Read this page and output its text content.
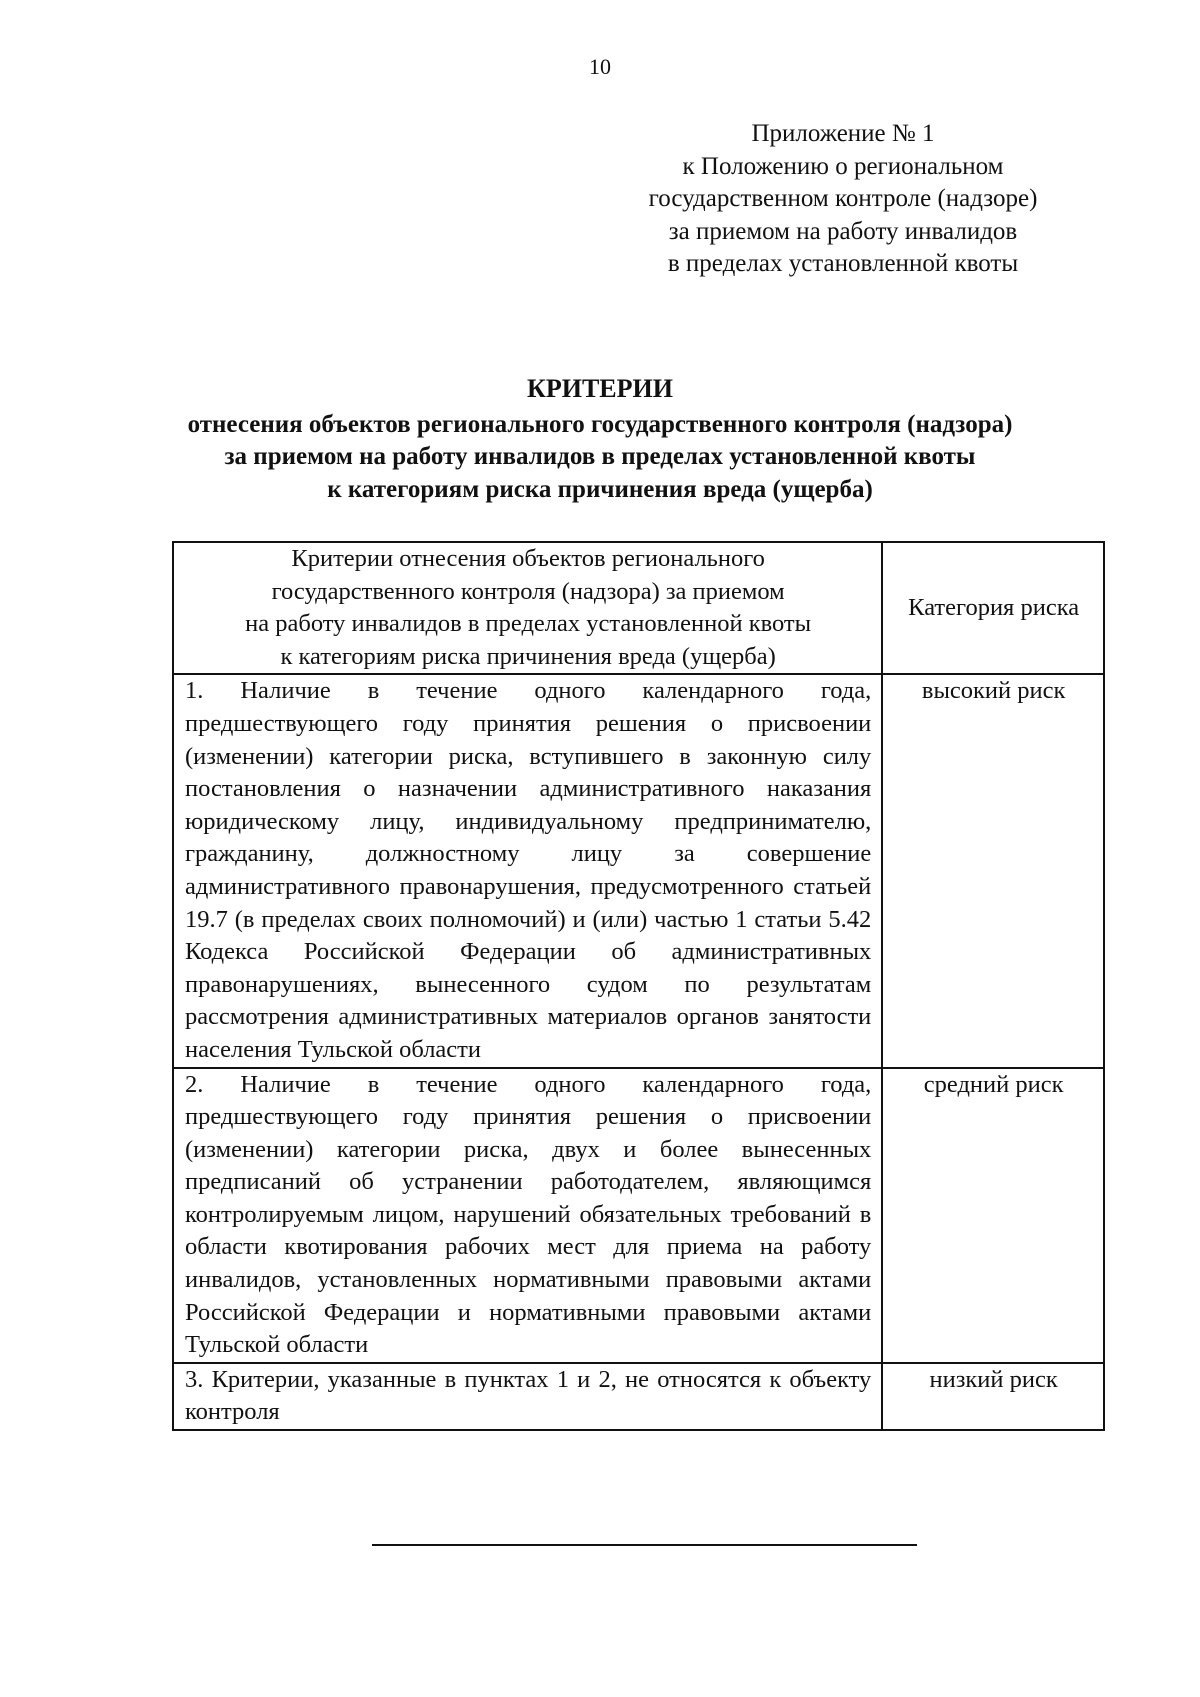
10
Приложение № 1
к Положению о региональном
государственном контроле (надзоре)
за приемом на работу инвалидов
в пределах установленной квоты
КРИТЕРИИ
отнесения объектов регионального государственного контроля (надзора)
за приемом на работу инвалидов в пределах установленной квоты
к категориям риска причинения вреда (ущерба)
Критерии отнесения объектов регионального
государственного контроля (надзора) за приемом
на работу инвалидов в пределах установленной квоты
к категориям риска причинения вреда (ущерба)	Категория риска
1. Наличие в течение одного календарного года, предшествующего году принятия решения о присвоении (изменении) категории риска, вступившего в законную силу постановления о назначении административного наказания юридическому лицу, индивидуальному предпринимателю, гражданину, должностному лицу за совершение административного правонарушения, предусмотренного статьей 19.7 (в пределах своих полномочий) и (или) частью 1 статьи 5.42 Кодекса Российской Федерации об административных правонарушениях, вынесенного судом по результатам рассмотрения административных материалов органов занятости населения Тульской области	высокий риск
2. Наличие в течение одного календарного года, предшествующего году принятия решения о присвоении (изменении) категории риска, двух и более вынесенных предписаний об устранении работодателем, являющимся контролируемым лицом, нарушений обязательных требований в области квотирования рабочих мест для приема на работу инвалидов, установленных нормативными правовыми актами Российской Федерации и нормативными правовыми актами Тульской области	средний риск
3. Критерии, указанные в пунктах 1 и 2, не относятся к объекту контроля	низкий риск
